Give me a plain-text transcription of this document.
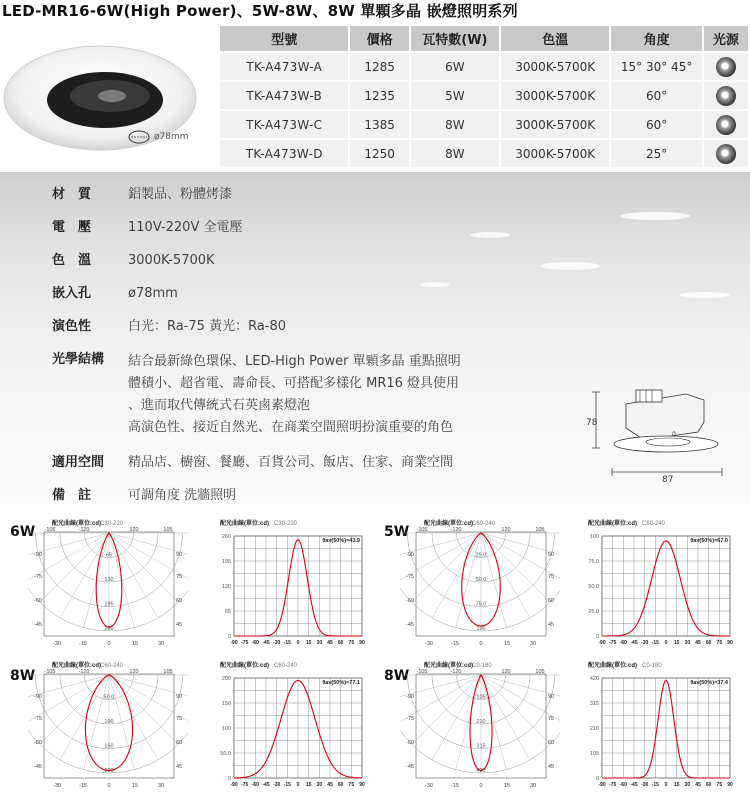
LED-MR16-6W(High Power)、5W-8W、8W 單顆多晶 嵌燈照明系列
ø78mm
型號	價格	瓦特數(W)	色溫	角度	光源
TK-A473W-A	1285	6W	3000K-5700K	15° 30° 45°	
TK-A473W-B	1235	5W	3000K-5700K	60°	
TK-A473W-C	1385	8W	3000K-5700K	60°	
TK-A473W-D	1250	8W	3000K-5700K	25°	
材　質	鋁製品、粉體烤漆
電　壓	110V-220V 全電壓
色　溫	3000K-5700K
嵌入孔	ø78mm
演色性	白光：Ra-75 黃光：Ra-80
光學結構	結合最新綠色環保、LED-High Power 單顆多晶 重點照明
體積小、超省電、壽命長、可搭配多樣化 MR16 燈具使用
、進而取代傳統式石英鹵素燈泡
高演色性、接近自然光、在商業空間照明扮演重要的角色
適用空間	精品店、櫥窗、餐廳、百貨公司、飯店、住家、商業空間
備　註	可調角度 洗牆照明
78
0
87
6W	5W
8W	8W
配光曲線(單位:cd) C30-210
65
130
195
260
-105	-120	120	105
-90	90
-75	75
-60	60
-45	45
-30	-15	0	15	30
配光曲線(單位:cd) C30-210
260
195
130
65
0
-90 -75 -60 -45 -30 -15 0 15 30 45 60 75 90
θav(50%)=43.9
配光曲線(單位:cd) C60-240
25.0
50.0
75.0
100
-105	-120	120	105
-90	90
-75	75
-60	60
-45	45
-30	-15	0	15	30
配光曲線(單位:cd) C60-240
100
75.0
50.0
25.0
0
-90 -75 -60 -45 -30 -15 0 15 30 45 60 75 90
θav(50%)=67.0
配光曲線(單位:cd) C60-240
50.0
100
150
200
-105	-120	120	105
-90	90
-75	75
-60	60
-45	45
-30	-15	0	15	30
配光曲線(單位:cd) C60-240
200
150
100
50.0
0
-90 -75 -60 -45 -30 -15 0 15 30 45 60 75 90
θav(50%)=77.1
配光曲線(單位:cd) C0-180
105
210
315
420
-105	-120	120	105
-90	90
-75	75
-60	60
-45	45
-30	-15	0	15	30
配光曲線(單位:cd) C0-180
420
315
210
105
0
-90 -75 -60 -45 -30 -15 0 15 30 45 60 75 90
θav(50%)=37.4
